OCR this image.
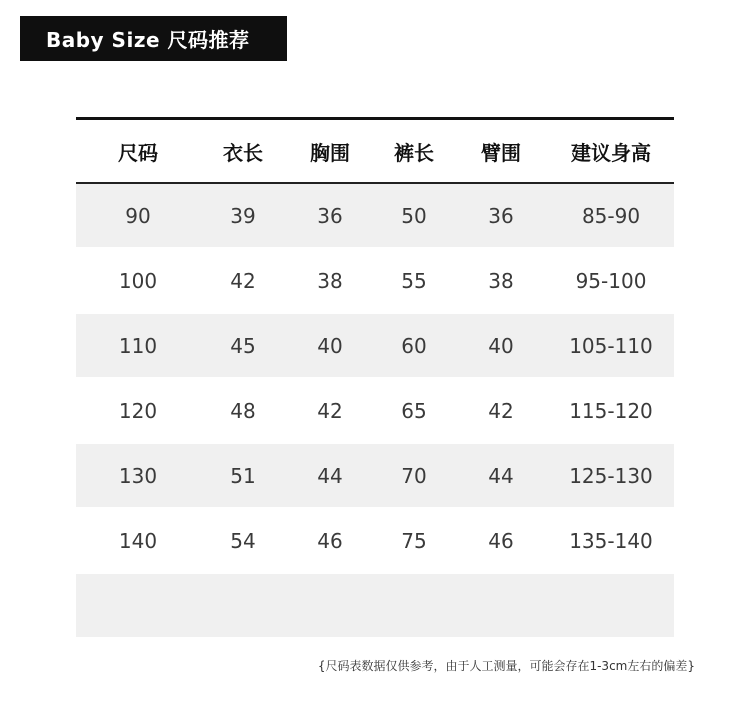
Baby Size 尺码推荐
尺码	衣长	胸围	裤长	臂围	建议身高
90	39	36	50	36	85-90
100	42	38	55	38	95-100
110	45	40	60	40	105-110
120	48	42	65	42	115-120
130	51	44	70	44	125-130
140	54	46	75	46	135-140
{尺码表数据仅供参考，由于人工测量，可能会存在1-3cm左右的偏差}
